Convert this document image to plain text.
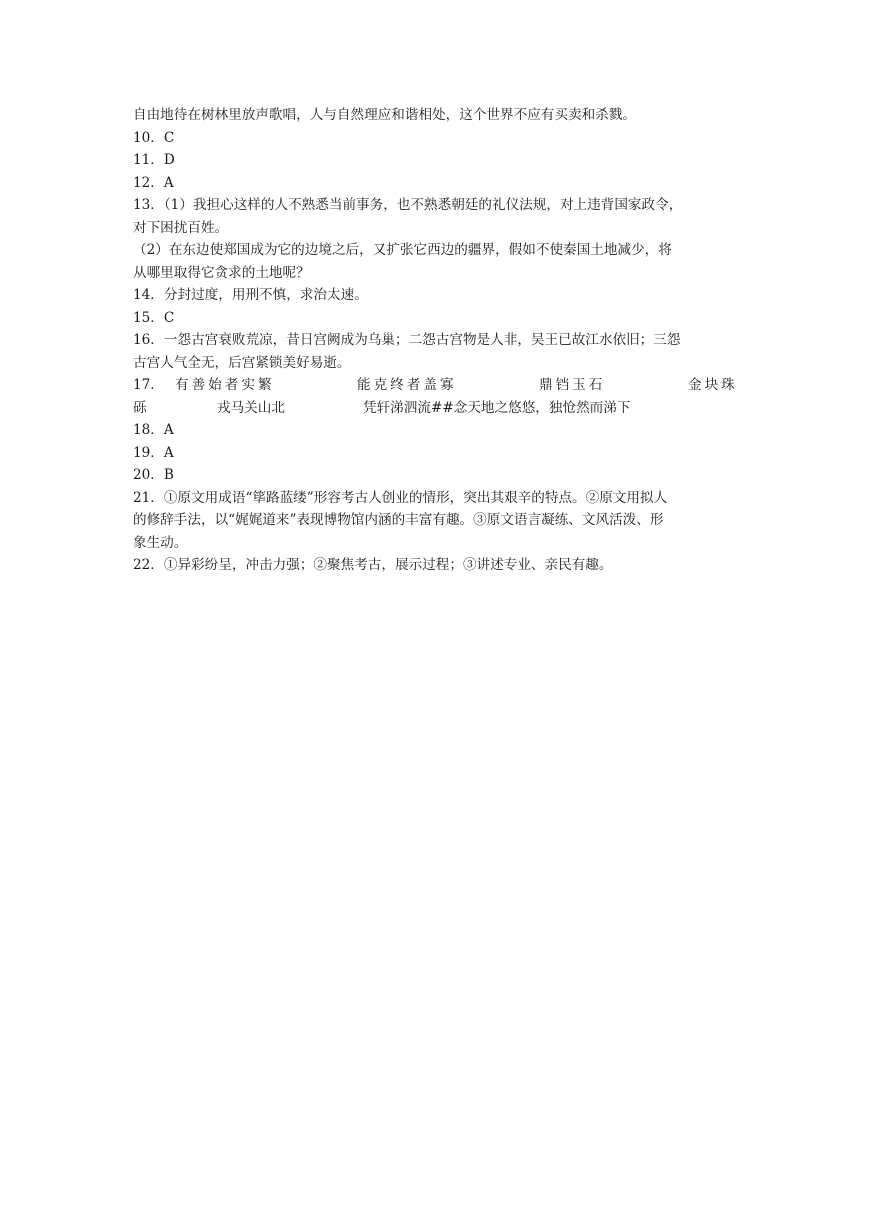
自由地待在树林里放声歌唱，人与自然理应和谐相处，这个世界不应有买卖和杀戮。
10．C
11．D
12．A
13．（1）我担心这样的人不熟悉当前事务，也不熟悉朝廷的礼仪法规，对上违背国家政令，
对下困扰百姓。
（2）在东边使郑国成为它的边境之后，又扩张它西边的疆界，假如不使秦国土地减少，将
从哪里取得它贪求的土地呢？
14．分封过度，用刑不慎，求治太速。
15．C
16．一怨古宫衰败荒凉，昔日宫阙成为乌巢；二怨古宫物是人非，吴王已故江水依旧；三怨
古宫人气全无，后宫紧锁美好易逝。
17． 有善始者实繁	能克终者盖寡	鼎铛玉石	金块珠
砾	戎马关山北	凭轩涕泗流##念天地之悠悠，独怆然而涕下
18．A
19．A
20．B
21．①原文用成语“筚路蓝缕”形容考古人创业的情形，突出其艰辛的特点。②原文用拟人
的修辞手法，以“娓娓道来”表现博物馆内涵的丰富有趣。③原文语言凝练、文风活泼、形
象生动。
22．①异彩纷呈，冲击力强；②聚焦考古，展示过程；③讲述专业、亲民有趣。
